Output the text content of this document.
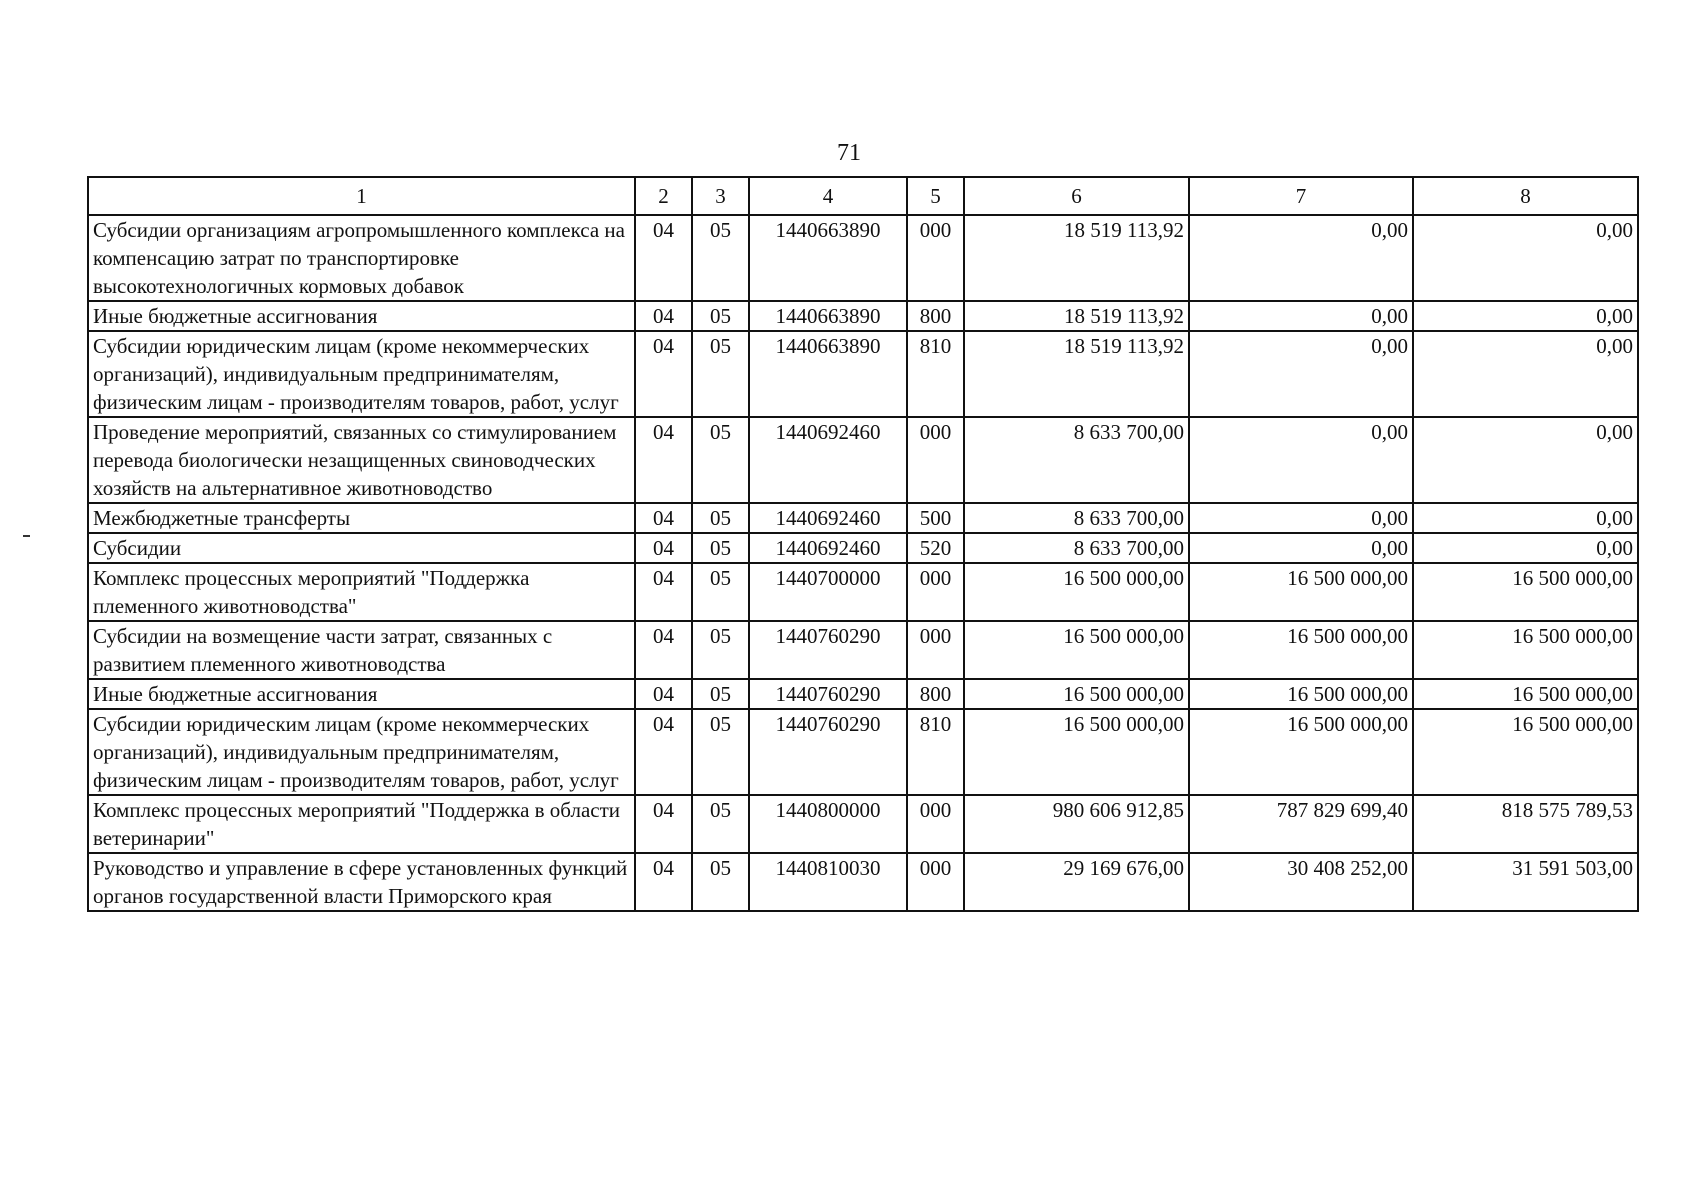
71
1	2	3	4	5	6	7	8
Субсидии организациям агропромышленного комплекса на компенсацию затрат по транспортировке высокотехнологичных кормовых добавок	04	05	1440663890	000	18 519 113,92	0,00	0,00
Иные бюджетные ассигнования	04	05	1440663890	800	18 519 113,92	0,00	0,00
Субсидии юридическим лицам (кроме некоммерческих организаций), индивидуальным предпринимателям, физическим лицам - производителям товаров, работ, услуг	04	05	1440663890	810	18 519 113,92	0,00	0,00
Проведение мероприятий, связанных со стимулированием перевода биологически незащищенных свиноводческих хозяйств на альтернативное животноводство	04	05	1440692460	000	8 633 700,00	0,00	0,00
Межбюджетные трансферты	04	05	1440692460	500	8 633 700,00	0,00	0,00
Субсидии	04	05	1440692460	520	8 633 700,00	0,00	0,00
Комплекс процессных мероприятий "Поддержка племенного животноводства"	04	05	1440700000	000	16 500 000,00	16 500 000,00	16 500 000,00
Субсидии на возмещение части затрат, связанных с развитием племенного животноводства	04	05	1440760290	000	16 500 000,00	16 500 000,00	16 500 000,00
Иные бюджетные ассигнования	04	05	1440760290	800	16 500 000,00	16 500 000,00	16 500 000,00
Субсидии юридическим лицам (кроме некоммерческих организаций), индивидуальным предпринимателям, физическим лицам - производителям товаров, работ, услуг	04	05	1440760290	810	16 500 000,00	16 500 000,00	16 500 000,00
Комплекс процессных мероприятий "Поддержка в области ветеринарии"	04	05	1440800000	000	980 606 912,85	787 829 699,40	818 575 789,53
Руководство и управление в сфере установленных функций органов государственной власти Приморского края	04	05	1440810030	000	29 169 676,00	30 408 252,00	31 591 503,00
